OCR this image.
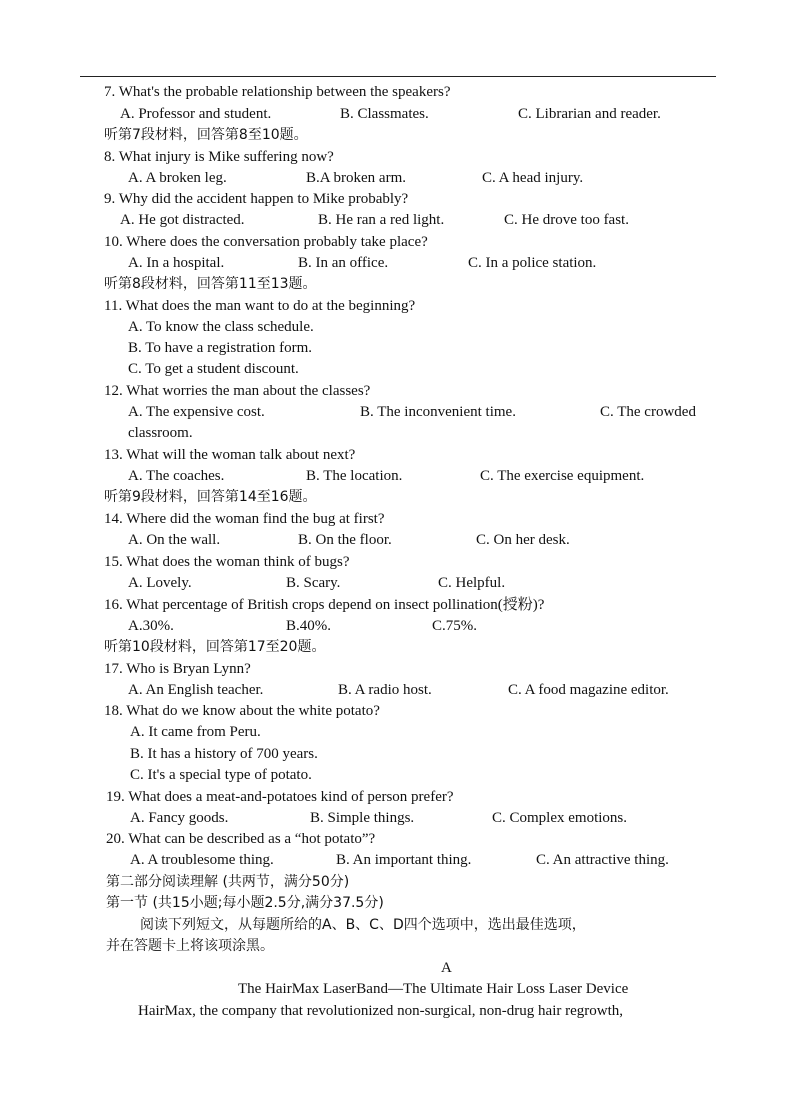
7. What's the probable relationship between the speakers?
A. Professor and student.	B. Classmates.	C. Librarian and reader.
听第7段材料，回答第8至10题。
8. What injury is Mike suffering now?
A. A broken leg.	B.A broken arm.	C. A head injury.
9. Why did the accident happen to Mike probably?
A. He got distracted.	B. He ran a red light.	C. He drove too fast.
10. Where does the conversation probably take place?
A. In a hospital.	B. In an office.	C. In a police station.
听第8段材料，回答第11至13题。
11. What does the man want to do at the beginning?
A. To know the class schedule.
B. To have a registration form.
C. To get a student discount.
12. What worries the man about the classes?
A. The expensive cost.	B. The inconvenient time.	C. The crowded
classroom.
13. What will the woman talk about next?
A. The coaches.	B. The location.	C. The exercise equipment.
听第9段材料，回答第14至16题。
14. Where did the woman find the bug at first?
A. On the wall.	B. On the floor.	C. On her desk.
15. What does the woman think of bugs?
A. Lovely.	B. Scary.	C. Helpful.
16. What percentage of British crops depend on insect pollination(授粉)?
A.30%.	B.40%.	C.75%.
听第10段材料，回答第17至20题。
17. Who is Bryan Lynn?
A. An English teacher.	B. A radio host.	C. A food magazine editor.
18. What do we know about the white potato?
A. It came from Peru.
B. It has a history of 700 years.
C. It's a special type of potato.
19. What does a meat-and-potatoes kind of person prefer?
A. Fancy goods.	B. Simple things.	C. Complex emotions.
20. What can be described as a “hot potato”?
A. A troublesome thing.	B. An important thing.	C. An attractive thing.
第二部分阅读理解 (共两节，满分50分)
第一节 (共15小题;每小题2.5分,满分37.5分)
阅读下列短文，从每题所给的A、B、C、D四个选项中，选出最佳选项，
并在答题卡上将该项涂黑。
A
The HairMax LaserBand—The Ultimate Hair Loss Laser Device
HairMax, the company that revolutionized non-surgical, non-drug hair regrowth,
